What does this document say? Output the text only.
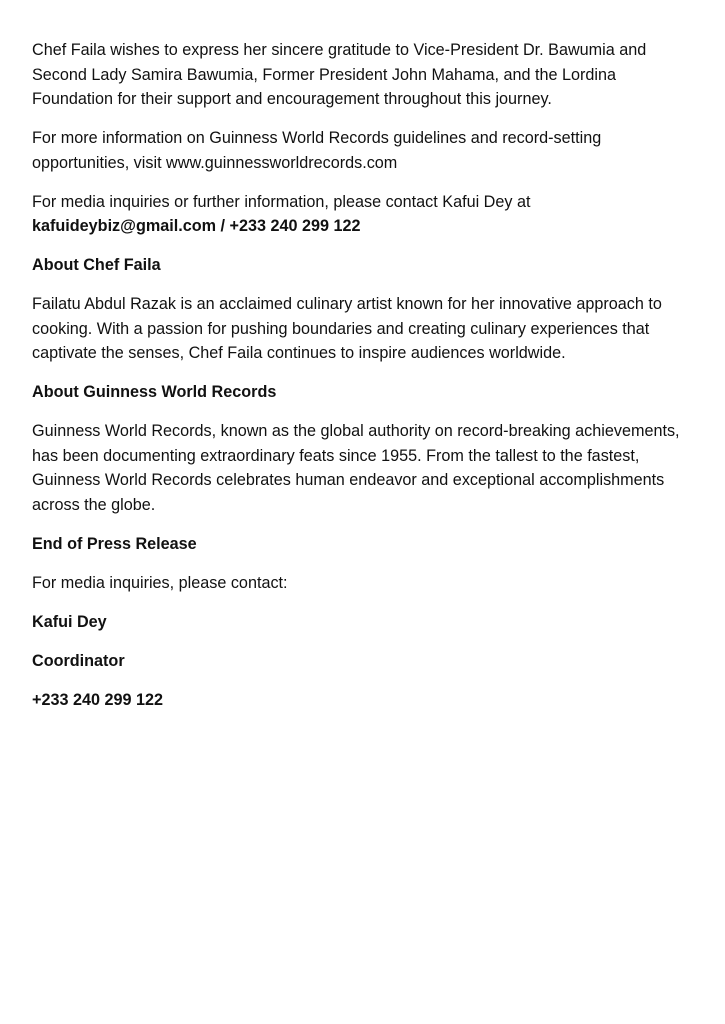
Chef Faila wishes to express her sincere gratitude to Vice-President Dr. Bawumia and Second Lady Samira Bawumia, Former President John Mahama, and the Lordina Foundation for their support and encouragement throughout this journey.

For more information on Guinness World Records guidelines and record-setting opportunities, visit www.guinnessworldrecords.com

For media inquiries or further information, please contact Kafui Dey at
kafuideybiz@gmail.com / +233 240 299 122

About Chef Faila

Failatu Abdul Razak is an acclaimed culinary artist known for her innovative approach to cooking. With a passion for pushing boundaries and creating culinary experiences that captivate the senses, Chef Faila continues to inspire audiences worldwide.

About Guinness World Records

Guinness World Records, known as the global authority on record-breaking achievements, has been documenting extraordinary feats since 1955. From the tallest to the fastest, Guinness World Records celebrates human endeavor and exceptional accomplishments across the globe.

End of Press Release

For media inquiries, please contact:

Kafui Dey

Coordinator

+233 240 299 122
